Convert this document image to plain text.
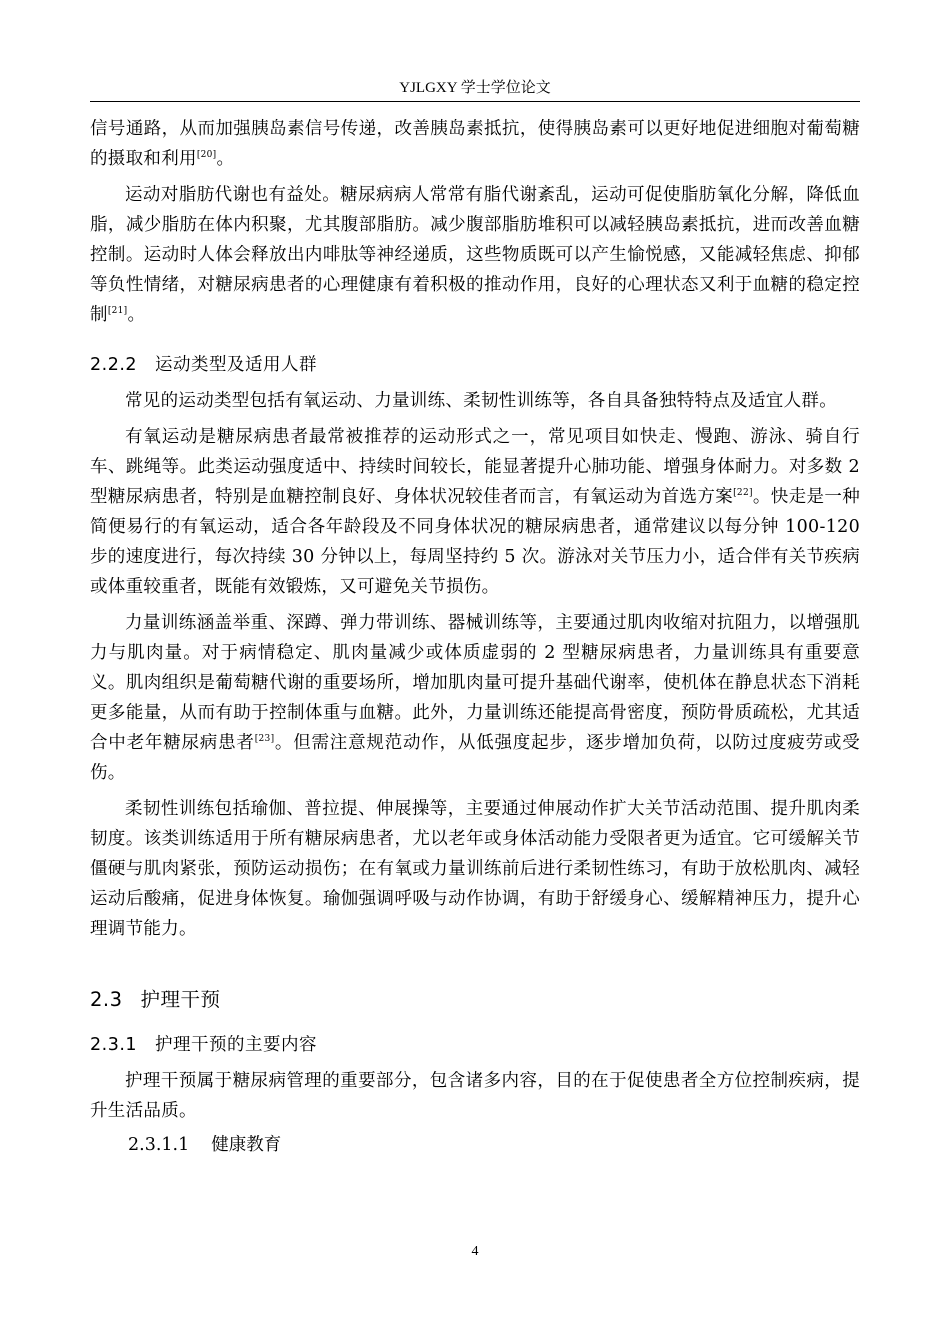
YJLGXY 学士学位论文

信号通路，从而加强胰岛素信号传递，改善胰岛素抵抗，使得胰岛素可以更好地促进细胞对葡萄糖的摄取和利用[20]。

运动对脂肪代谢也有益处。糖尿病病人常常有脂代谢紊乱，运动可促使脂肪氧化分解，降低血脂，减少脂肪在体内积聚，尤其腹部脂肪。减少腹部脂肪堆积可以减轻胰岛素抵抗，进而改善血糖控制。运动时人体会释放出内啡肽等神经递质，这些物质既可以产生愉悦感，又能减轻焦虑、抑郁等负性情绪，对糖尿病患者的心理健康有着积极的推动作用，良好的心理状态又利于血糖的稳定控制[21]。

2.2.2 运动类型及适用人群

常见的运动类型包括有氧运动、力量训练、柔韧性训练等，各自具备独特特点及适宜人群。

有氧运动是糖尿病患者最常被推荐的运动形式之一，常见项目如快走、慢跑、游泳、骑自行车、跳绳等。此类运动强度适中、持续时间较长，能显著提升心肺功能、增强身体耐力。对多数 2 型糖尿病患者，特别是血糖控制良好、身体状况较佳者而言，有氧运动为首选方案[22]。快走是一种简便易行的有氧运动，适合各年龄段及不同身体状况的糖尿病患者，通常建议以每分钟 100-120 步的速度进行，每次持续 30 分钟以上，每周坚持约 5 次。游泳对关节压力小，适合伴有关节疾病或体重较重者，既能有效锻炼，又可避免关节损伤。

力量训练涵盖举重、深蹲、弹力带训练、器械训练等，主要通过肌肉收缩对抗阻力，以增强肌力与肌肉量。对于病情稳定、肌肉量减少或体质虚弱的 2 型糖尿病患者，力量训练具有重要意义。肌肉组织是葡萄糖代谢的重要场所，增加肌肉量可提升基础代谢率，使机体在静息状态下消耗更多能量，从而有助于控制体重与血糖。此外，力量训练还能提高骨密度，预防骨质疏松，尤其适合中老年糖尿病患者[23]。但需注意规范动作，从低强度起步，逐步增加负荷，以防过度疲劳或受伤。

柔韧性训练包括瑜伽、普拉提、伸展操等，主要通过伸展动作扩大关节活动范围、提升肌肉柔韧度。该类训练适用于所有糖尿病患者，尤以老年或身体活动能力受限者更为适宜。它可缓解关节僵硬与肌肉紧张，预防运动损伤；在有氧或力量训练前后进行柔韧性练习，有助于放松肌肉、减轻运动后酸痛，促进身体恢复。瑜伽强调呼吸与动作协调，有助于舒缓身心、缓解精神压力，提升心理调节能力。

2.3 护理干预
2.3.1 护理干预的主要内容

护理干预属于糖尿病管理的重要部分，包含诸多内容，目的在于促使患者全方位控制疾病，提升生活品质。

2.3.1.1 健康教育

4
